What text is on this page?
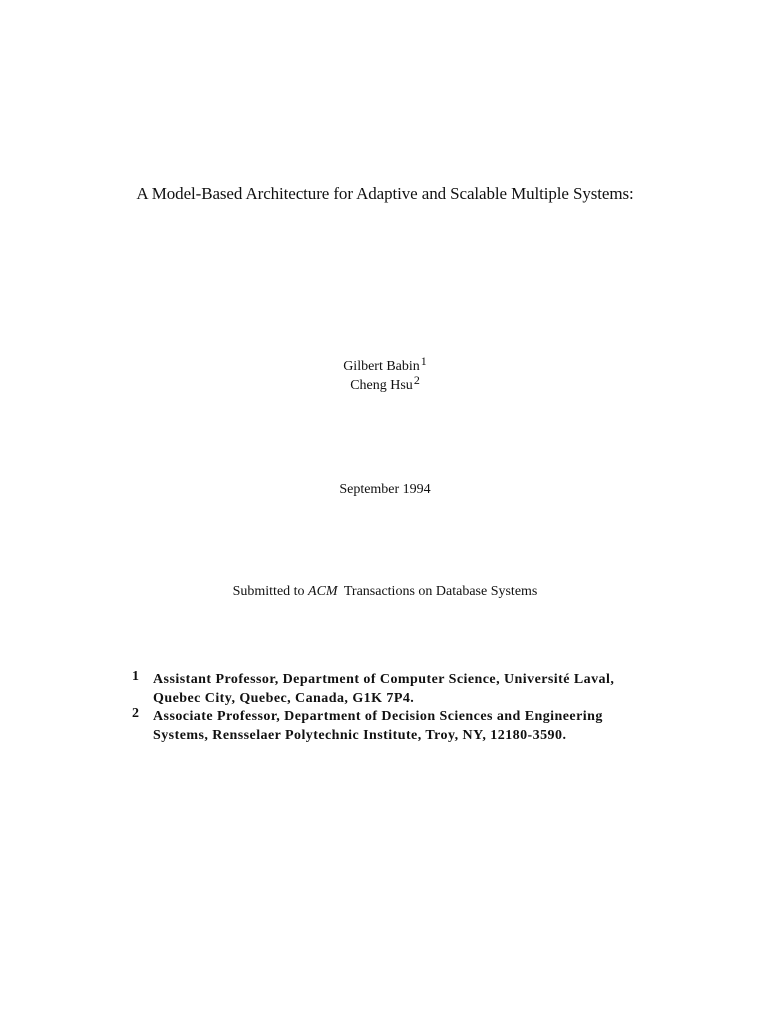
A Model-Based Architecture for Adaptive and Scalable Multiple Systems:
Gilbert Babin$^1$
Cheng Hsu$^2$
September 1994
Submitted to ACM Transactions on Database Systems
1 Assistant Professor, Department of Computer Science, Université Laval,
Quebec City, Quebec, Canada, G1K 7P4.
2 Associate Professor, Department of Decision Sciences and Engineering
Systems, Rensselaer Polytechnic Institute, Troy, NY, 12180-3590.
